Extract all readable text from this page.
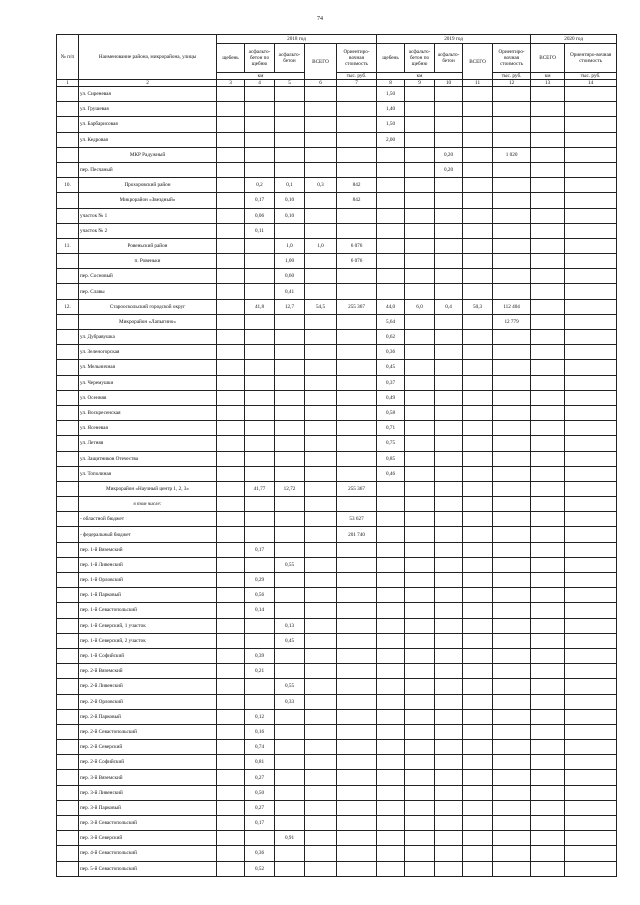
74
№ п/п	Наименование района, микрорайона, улицы	2018 год					2019 год					2020 год	
		щебень	асфальто-бетон по щебню	асфальто-бетон	ВСЕГО	Ориентиро-вочная стоимость	щебень	асфальто-бетон по щебню	асфальто-бетон	ВСЕГО	Ориентиро-вочная стоимость	ВСЕГО	Ориентиро-вочная стоимость
		км				тыс. руб.	км				тыс. руб.	км	тыс. руб.
1	2	3	4	5	6	7	8	9	10	11	12	13	14
	ул. Сиреневая						1,50						
	ул. Грушевая						1,40						
	ул. Барбарисовая						1,50						
	ул. Кедровая						2,00						
	МКР Радужный								0,20		1 020		
	пер. Песчаный								0,20				
10.	Прохоровский район		0,2	0,1	0,3	842							
	Микрорайон «Звездный»		0,17	0,10		842							
	участок № 1		0,06	0,10									
	участок № 2		0,11										
11.	Ровеньский район			1,0	1,0	6 076							
	п. Ровеньки			1,00		6 076							
	пер. Сосновый			0,60									
	пер. Славы			0,41									
12.	Старооскольский городской округ		41,8	12,7	54,5	255 367	44,0	6,0	0,4	50,3	112 404		
	Микрорайон «Лапыгино»						5,64				12 779		
	ул. Дубравушка						0,62						
	ул. Зеленогорская						0,36						
	ул. Мельничная						0,45						
	ул. Черемушки						0,37						
	ул. Осенняя						0,49						
	ул. Воскресенская						0,58						
	ул. Ясеневая						0,71						
	ул. Летняя						0,75						
	ул. Защитников Отечества						0,85						
	ул. Тополиная						0,46						
	Микрорайон «Научный центр 1, 2, 3»		41,77	12,72		255 367							
	в том числе:												
	- областной бюджет					53 627							
	- федеральный бюджет					201 740							
	пер. 1-й Вяземский		0,17										
	пер. 1-й Ливенский			0,55									
	пер. 1-й Орловский		0,29										
	пер. 1-й Парковый		0,56										
	пер. 1-й Севастопольский		0,14										
	пер. 1-й Северский, 1 участок			0,13									
	пер. 1-й Северский, 2 участок			0,45									
	пер. 1-й Софийский		0,39										
	пер. 2-й Вяземский		0,21										
	пер. 2-й Ливенский			0,55									
	пер. 2-й Орловский			0,33									
	пер. 2-й Парковый		0,12										
	пер. 2-й Севастопольский		0,16										
	пер. 2-й Северский		0,74										
	пер. 2-й Софийский		0,81										
	пер. 3-й Вяземский		0,27										
	пер. 3-й Ливенский		0,50										
	пер. 3-й Парковый		0,27										
	пер. 3-й Севастопольский		0,17										
	пер. 3-й Северский			0,91									
	пер. 4-й Севастопольский		0,36										
	пер. 5-й Севастопольский		0,52										
